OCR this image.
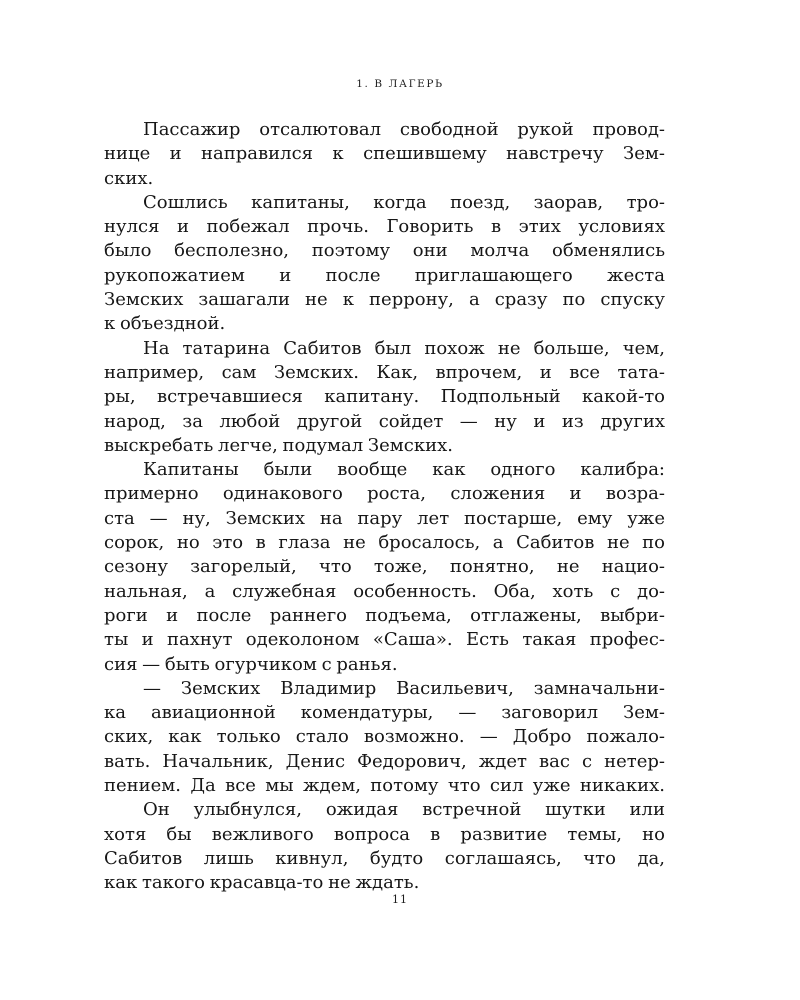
1. В ЛАГЕРЬ
Пассажир отсалютовал свободной рукой провод-
нице и направился к спешившему навстречу Зем-
ских.
Сошлись капитаны, когда поезд, заорав, тро-
нулся и побежал прочь. Говорить в этих условиях
было бесполезно, поэтому они молча обменялись
рукопожатием и после приглашающего жеста
Земских зашагали не к перрону, а сразу по спуску
к объездной.
На татарина Сабитов был похож не больше, чем,
например, сам Земских. Как, впрочем, и все тата-
ры, встречавшиеся капитану. Подпольный какой-то
народ, за любой другой сойдет — ну и из других
выскребать легче, подумал Земских.
Капитаны были вообще как одного калибра:
примерно одинакового роста, сложения и возра-
ста — ну, Земских на пару лет постарше, ему уже
сорок, но это в глаза не бросалось, а Сабитов не по
сезону загорелый, что тоже, понятно, не нацио-
нальная, а служебная особенность. Оба, хоть с до-
роги и после раннего подъема, отглажены, выбри-
ты и пахнут одеколоном «Саша». Есть такая профес-
сия — быть огурчиком с ранья.
— Земских Владимир Васильевич, замначальни-
ка авиационной комендатуры, — заговорил Зем-
ских, как только стало возможно. — Добро пожало-
вать. Начальник, Денис Федорович, ждет вас с нетер-
пением. Да все мы ждем, потому что сил уже никаких.
Он улыбнулся, ожидая встречной шутки или
хотя бы вежливого вопроса в развитие темы, но
Сабитов лишь кивнул, будто соглашаясь, что да,
как такого красавца-то не ждать.
11
